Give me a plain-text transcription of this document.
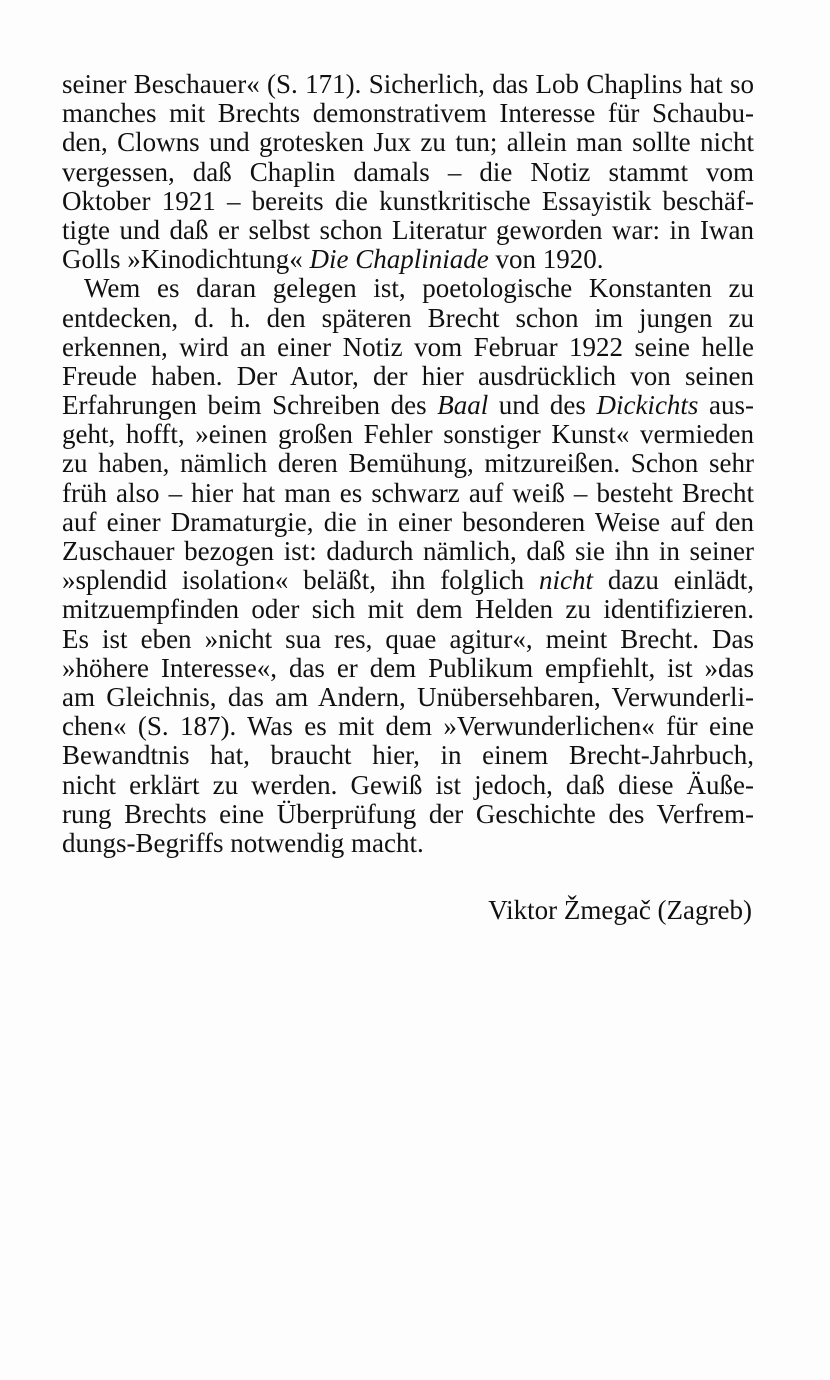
seiner Beschauer« (S. 171). Sicherlich, das Lob Chaplins hat so
manches mit Brechts demonstrativem Interesse für Schaubu-
den, Clowns und grotesken Jux zu tun; allein man sollte nicht
vergessen, daß Chaplin damals – die Notiz stammt vom
Oktober 1921 – bereits die kunstkritische Essayistik beschäf-
tigte und daß er selbst schon Literatur geworden war: in Iwan
Golls »Kinodichtung« Die Chapliniade von 1920.
Wem es daran gelegen ist, poetologische Konstanten zu
entdecken, d. h. den späteren Brecht schon im jungen zu
erkennen, wird an einer Notiz vom Februar 1922 seine helle
Freude haben. Der Autor, der hier ausdrücklich von seinen
Erfahrungen beim Schreiben des Baal und des Dickichts aus-
geht, hofft, »einen großen Fehler sonstiger Kunst« vermieden
zu haben, nämlich deren Bemühung, mitzureißen. Schon sehr
früh also – hier hat man es schwarz auf weiß – besteht Brecht
auf einer Dramaturgie, die in einer besonderen Weise auf den
Zuschauer bezogen ist: dadurch nämlich, daß sie ihn in seiner
»splendid isolation« beläßt, ihn folglich nicht dazu einlädt,
mitzuempfinden oder sich mit dem Helden zu identifizieren.
Es ist eben »nicht sua res, quae agitur«, meint Brecht. Das
»höhere Interesse«, das er dem Publikum empfiehlt, ist »das
am Gleichnis, das am Andern, Unübersehbaren, Verwunderli-
chen« (S. 187). Was es mit dem »Verwunderlichen« für eine
Bewandtnis hat, braucht hier, in einem Brecht-Jahrbuch,
nicht erklärt zu werden. Gewiß ist jedoch, daß diese Äuße-
rung Brechts eine Überprüfung der Geschichte des Verfrem-
dungs-Begriffs notwendig macht.
Viktor Žmegač (Zagreb)
